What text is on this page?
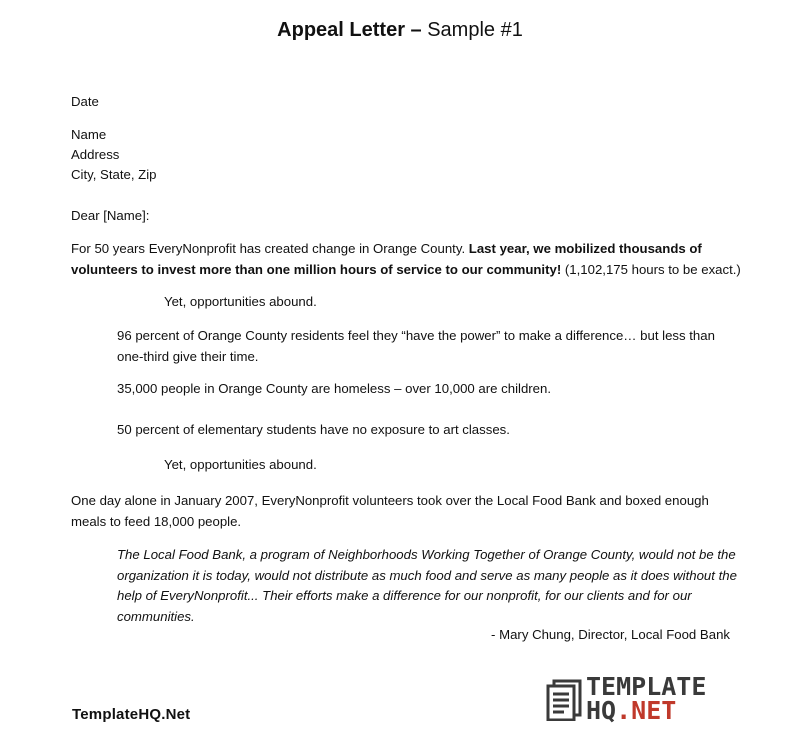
Appeal Letter – Sample #1
Date
Name
Address
City, State, Zip
Dear [Name]:
For 50 years EveryNonprofit has created change in Orange County. Last year, we mobilized thousands of volunteers to invest more than one million hours of service to our community! (1,102,175 hours to be exact.)
Yet, opportunities abound.
96 percent of Orange County residents feel they “have the power” to make a difference… but less than one-third give their time.
35,000 people in Orange County are homeless – over 10,000 are children.
50 percent of elementary students have no exposure to art classes.
Yet, opportunities abound.
One day alone in January 2007, EveryNonprofit volunteers took over the Local Food Bank and boxed enough meals to feed 18,000 people.
The Local Food Bank, a program of Neighborhoods Working Together of Orange County, would not be the organization it is today, would not distribute as much food and serve as many people as it does without the help of EveryNonprofit... Their efforts make a difference for our nonprofit, for our clients and for our communities.
- Mary Chung, Director, Local Food Bank
TemplateHQ.Net
TEMPLATE
HQ.NET
